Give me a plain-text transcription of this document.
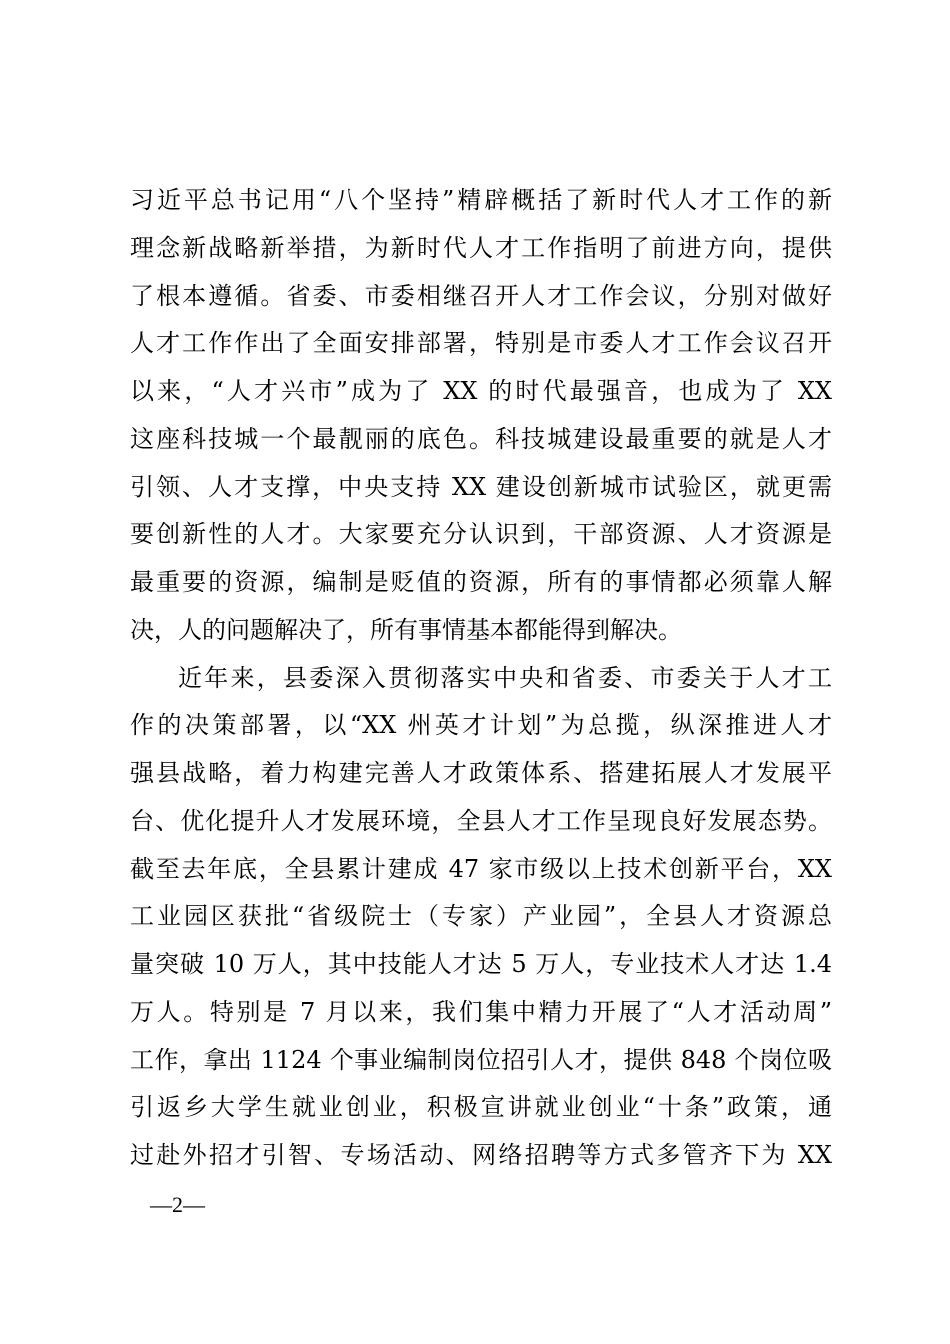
习近平总书记用“八个坚持”精辟概括了新时代人才工作的新
理念新战略新举措，为新时代人才工作指明了前进方向，提供
了根本遵循。省委、市委相继召开人才工作会议，分别对做好
人才工作作出了全面安排部署，特别是市委人才工作会议召开
以来，“人才兴市”成为了 XX 的时代最强音，也成为了 XX
这座科技城一个最靓丽的底色。科技城建设最重要的就是人才
引领、人才支撑，中央支持 XX 建设创新城市试验区，就更需
要创新性的人才。大家要充分认识到，干部资源、人才资源是
最重要的资源，编制是贬值的资源，所有的事情都必须靠人解
决，人的问题解决了，所有事情基本都能得到解决。
近年来，县委深入贯彻落实中央和省委、市委关于人才工
作的决策部署，以“XX 州英才计划”为总揽，纵深推进人才
强县战略，着力构建完善人才政策体系、搭建拓展人才发展平
台、优化提升人才发展环境，全县人才工作呈现良好发展态势。
截至去年底，全县累计建成 47 家市级以上技术创新平台，XX
工业园区获批“省级院士（专家）产业园”，全县人才资源总
量突破 10 万人，其中技能人才达 5 万人，专业技术人才达 1.4
万人。特别是 7 月以来，我们集中精力开展了“人才活动周”
工作，拿出 1124 个事业编制岗位招引人才，提供 848 个岗位吸
引返乡大学生就业创业，积极宣讲就业创业“十条”政策，通
过赴外招才引智、专场活动、网络招聘等方式多管齐下为 XX
—2—
